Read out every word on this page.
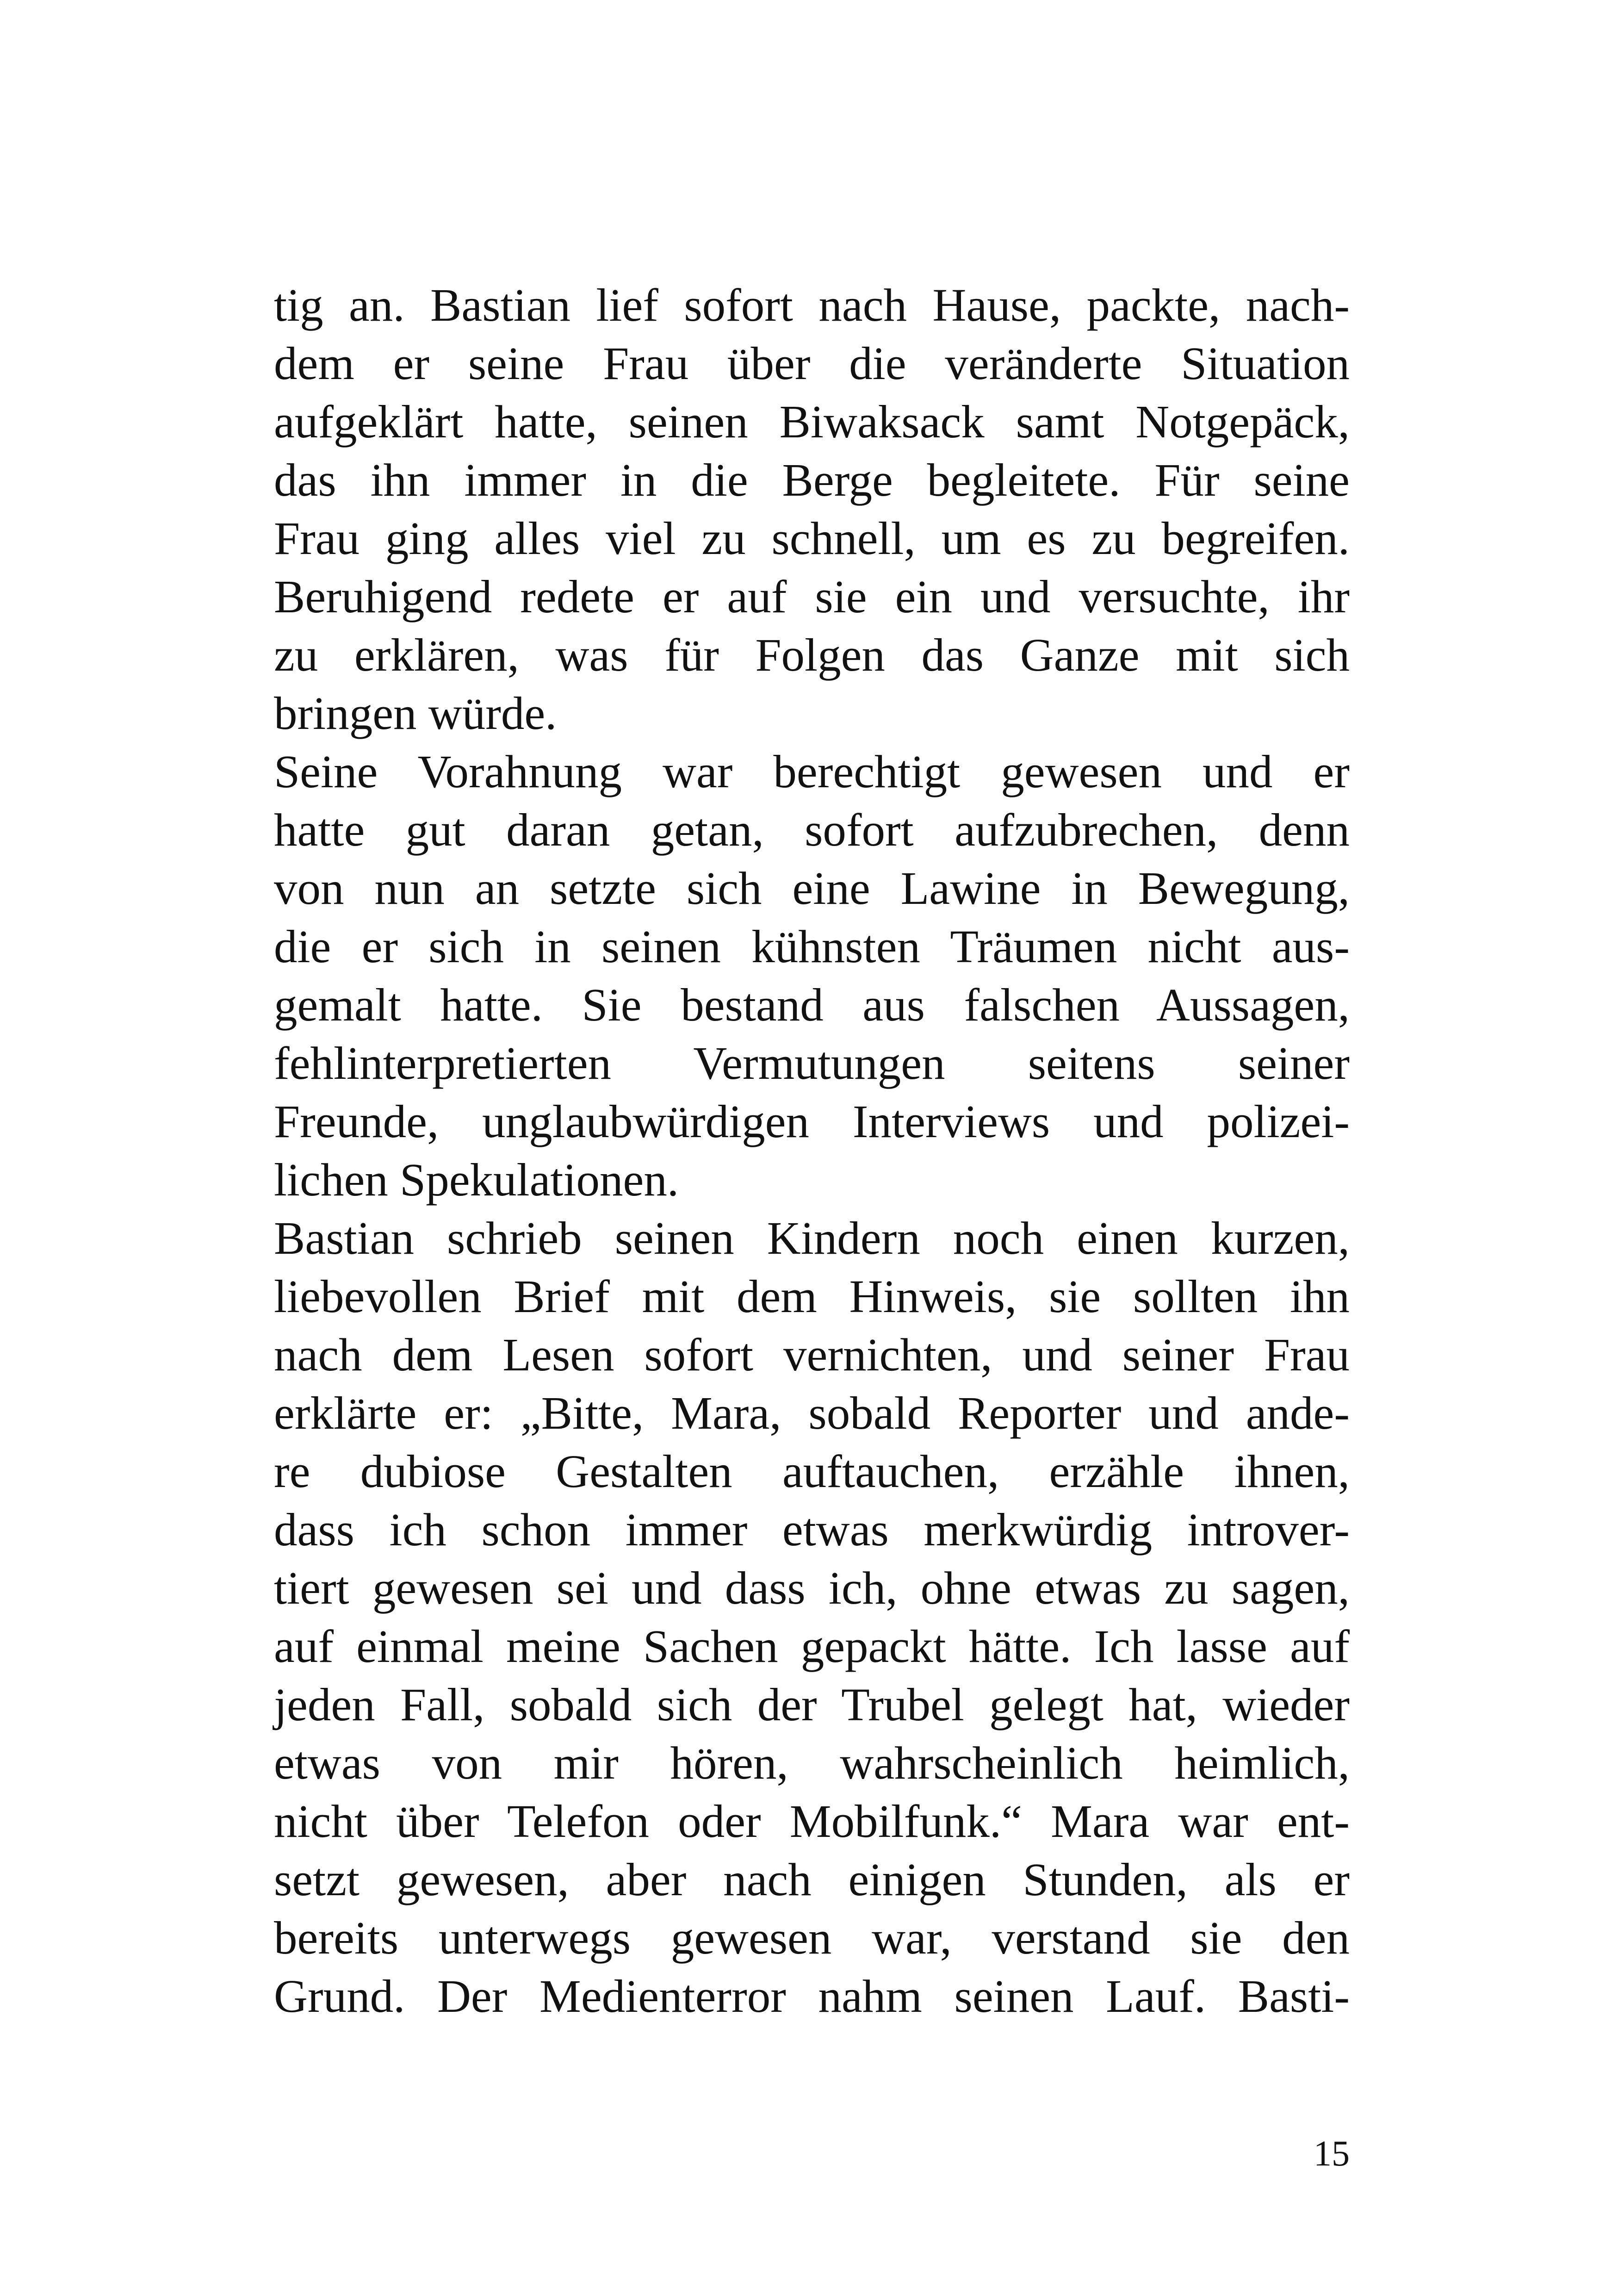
tig an. Bastian lief sofort nach Hause, packte, nach-
dem er seine Frau über die veränderte Situation
aufgeklärt hatte, seinen Biwaksack samt Notgepäck,
das ihn immer in die Berge begleitete. Für seine
Frau ging alles viel zu schnell, um es zu begreifen.
Beruhigend redete er auf sie ein und versuchte, ihr
zu erklären, was für Folgen das Ganze mit sich
bringen würde.
Seine Vorahnung war berechtigt gewesen und er
hatte gut daran getan, sofort aufzubrechen, denn
von nun an setzte sich eine Lawine in Bewegung,
die er sich in seinen kühnsten Träumen nicht aus-
gemalt hatte. Sie bestand aus falschen Aussagen,
fehlinterpretierten Vermutungen seitens seiner
Freunde, unglaubwürdigen Interviews und polizei-
lichen Spekulationen.
Bastian schrieb seinen Kindern noch einen kurzen,
liebevollen Brief mit dem Hinweis, sie sollten ihn
nach dem Lesen sofort vernichten, und seiner Frau
erklärte er: „Bitte, Mara, sobald Reporter und ande-
re dubiose Gestalten auftauchen, erzähle ihnen,
dass ich schon immer etwas merkwürdig introver-
tiert gewesen sei und dass ich, ohne etwas zu sagen,
auf einmal meine Sachen gepackt hätte. Ich lasse auf
jeden Fall, sobald sich der Trubel gelegt hat, wieder
etwas von mir hören, wahrscheinlich heimlich,
nicht über Telefon oder Mobilfunk.“ Mara war ent-
setzt gewesen, aber nach einigen Stunden, als er
bereits unterwegs gewesen war, verstand sie den
Grund. Der Medienterror nahm seinen Lauf. Basti-
15
